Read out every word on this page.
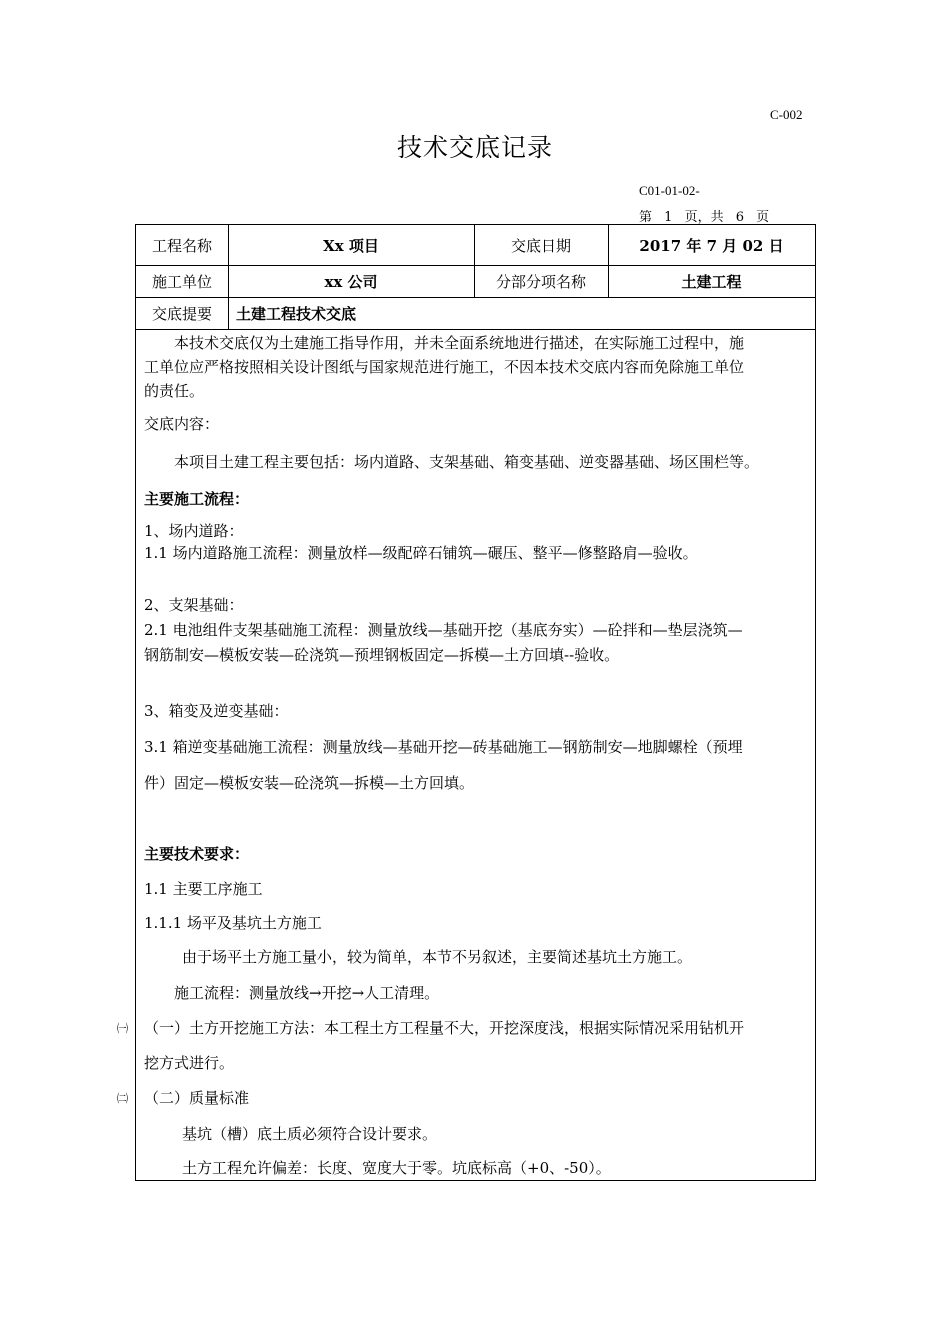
C-002
技术交底记录
C01-01-02-
第 1 页，共 6 页
工程名称	Xx 项目	交底日期	2017 年 7 月 02 日
施工单位	xx 公司	分部分项名称	土建工程
交底提要	土建工程技术交底
本技术交底仅为土建施工指导作用，并未全面系统地进行描述，在实际施工过程中，施
工单位应严格按照相关设计图纸与国家规范进行施工，不因本技术交底内容而免除施工单位
的责任。
交底内容：
本项目土建工程主要包括：场内道路、支架基础、箱变基础、逆变器基础、场区围栏等。
主要施工流程：
1、场内道路：
1.1 场内道路施工流程：测量放样—级配碎石铺筑—碾压、整平—修整路肩—验收。
2、支架基础：
2.1 电池组件支架基础施工流程：测量放线—基础开挖（基底夯实）—砼拌和—垫层浇筑—
钢筋制安—模板安装—砼浇筑—预埋钢板固定—拆模—土方回填--验收。
3、箱变及逆变基础：
3.1 箱逆变基础施工流程：测量放线—基础开挖—砖基础施工—钢筋制安—地脚螺栓（预埋
件）固定—模板安装—砼浇筑—拆模—土方回填。
主要技术要求：
1.1 主要工序施工
1.1.1 场平及基坑土方施工
由于场平土方施工量小，较为简单，本节不另叙述，主要简述基坑土方施工。
施工流程：测量放线→开挖→人工清理。
（一）土方开挖施工方法：本工程土方工程量不大，开挖深度浅，根据实际情况采用钻机开
挖方式进行。
（二）质量标准
基坑（槽）底土质必须符合设计要求。
土方工程允许偏差：长度、宽度大于零。坑底标高（+0、-50）。
㈠
㈡
